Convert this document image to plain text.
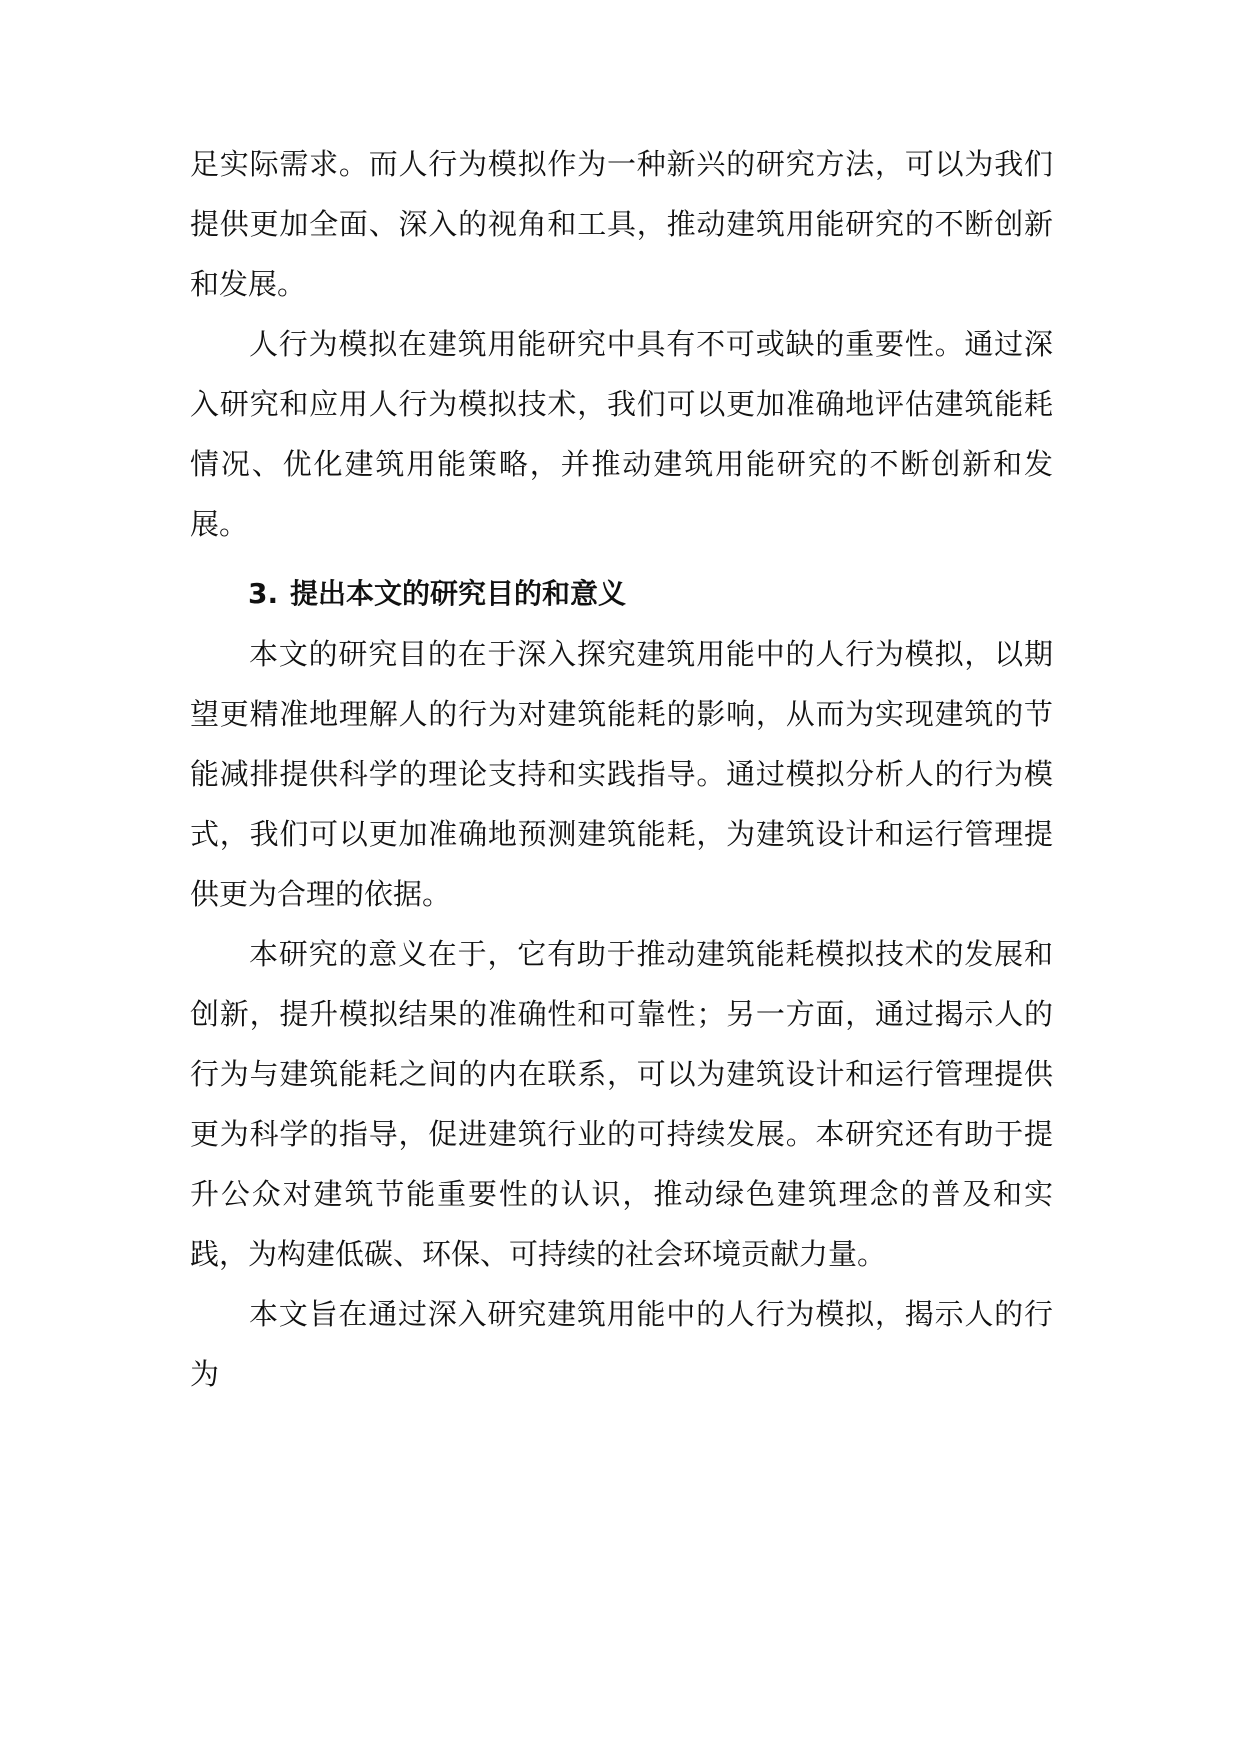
足实际需求。而人行为模拟作为一种新兴的研究方法，可以为我们提供更加全面、深入的视角和工具，推动建筑用能研究的不断创新和发展。

人行为模拟在建筑用能研究中具有不可或缺的重要性。通过深入研究和应用人行为模拟技术，我们可以更加准确地评估建筑能耗情况、优化建筑用能策略，并推动建筑用能研究的不断创新和发展。

3. 提出本文的研究目的和意义

本文的研究目的在于深入探究建筑用能中的人行为模拟，以期望更精准地理解人的行为对建筑能耗的影响，从而为实现建筑的节能减排提供科学的理论支持和实践指导。通过模拟分析人的行为模式，我们可以更加准确地预测建筑能耗，为建筑设计和运行管理提供更为合理的依据。

本研究的意义在于，它有助于推动建筑能耗模拟技术的发展和创新，提升模拟结果的准确性和可靠性；另一方面，通过揭示人的行为与建筑能耗之间的内在联系，可以为建筑设计和运行管理提供更为科学的指导，促进建筑行业的可持续发展。本研究还有助于提升公众对建筑节能重要性的认识，推动绿色建筑理念的普及和实践，为构建低碳、环保、可持续的社会环境贡献力量。

本文旨在通过深入研究建筑用能中的人行为模拟，揭示人的行为
